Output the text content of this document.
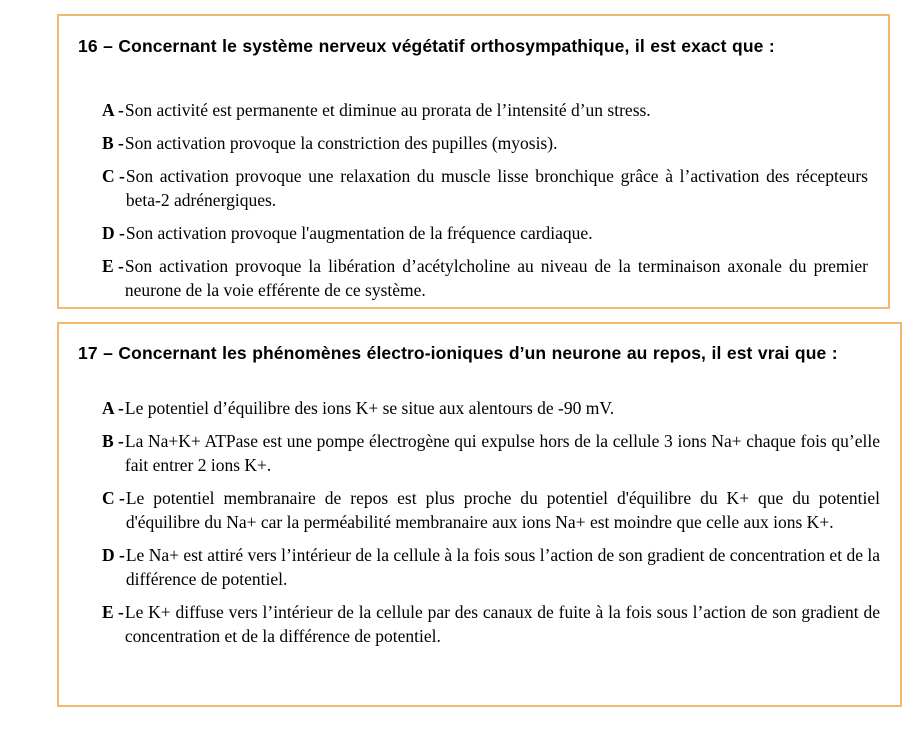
16 – Concernant le système nerveux végétatif orthosympathique, il est exact que :
A - Son activité est permanente et diminue au prorata de l’intensité d’un stress.
B - Son activation provoque la constriction des pupilles (myosis).
C - Son activation provoque une relaxation du muscle lisse bronchique grâce à l’activation des récepteurs beta-2 adrénergiques.
D - Son activation provoque l'augmentation de la fréquence cardiaque.
E - Son activation provoque la libération d’acétylcholine au niveau de la terminaison axonale du premier neurone de la voie efférente de ce système.
17 – Concernant les phénomènes électro-ioniques d’un neurone au repos, il est vrai que :
A - Le potentiel d’équilibre des ions K+ se situe aux alentours de -90 mV.
B - La Na+K+ ATPase est une pompe électrogène qui expulse hors de la cellule 3 ions Na+ chaque fois qu’elle fait entrer 2 ions K+.
C - Le potentiel membranaire de repos est plus proche du potentiel d'équilibre du K+ que du potentiel d'équilibre du Na+ car la perméabilité membranaire aux ions Na+ est moindre que celle aux ions K+.
D - Le Na+ est attiré vers l’intérieur de la cellule à la fois sous l’action de son gradient de concentration et de la différence de potentiel.
E - Le K+ diffuse vers l’intérieur de la cellule par des canaux de fuite à la fois sous l’action de son gradient de concentration et de la différence de potentiel.
